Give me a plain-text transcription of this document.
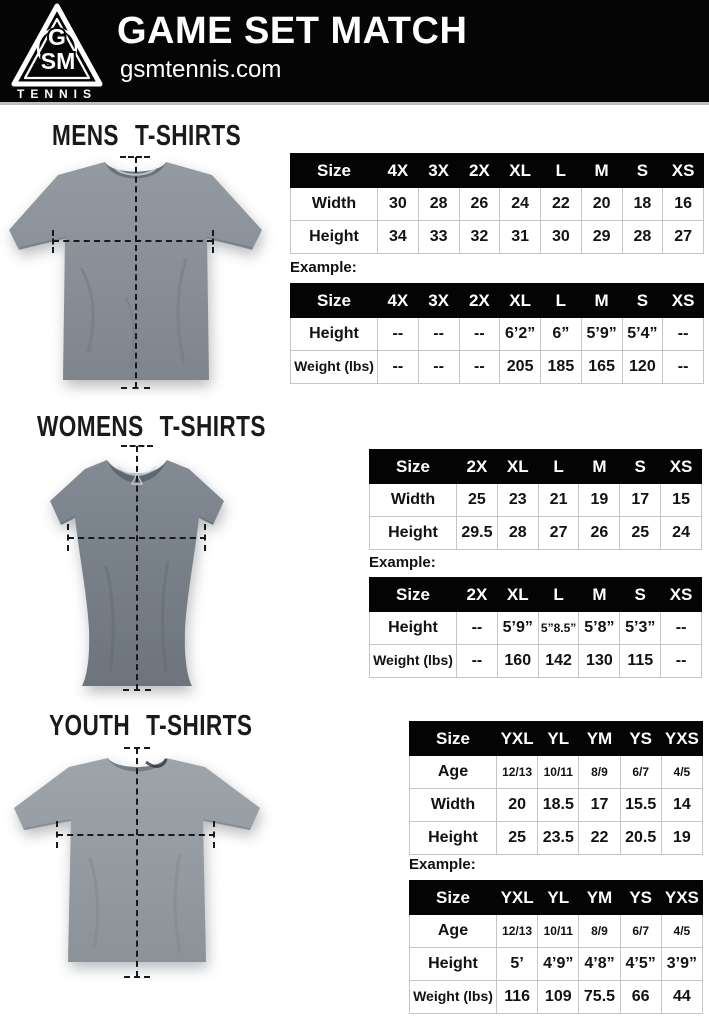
G
SM
TENNIS
GAME SET MATCH
gsmtennis.com
MENS T-SHIRTS
Size	4X	3X	2X	XL	L	M	S	XS
Width	30	28	26	24	22	20	18	16
Height	34	33	32	31	30	29	28	27
Example:
Size	4X	3X	2X	XL	L	M	S	XS
Height	--	--	--	6’2”	6”	5’9”	5’4”	--
Weight (lbs)	--	--	--	205	185	165	120	--
WOMENS T-SHIRTS
Size	2X	XL	L	M	S	XS
Width	25	23	21	19	17	15
Height	29.5	28	27	26	25	24
Example:
Size	2X	XL	L	M	S	XS
Height	--	5’9”	5”8.5”	5’8”	5’3”	--
Weight (lbs)	--	160	142	130	115	--
YOUTH T-SHIRTS	Size	YXL	YL	YM	YS	YXS
Age	12/13	10/11	8/9	6/7	4/5
Width	20	18.5	17	15.5	14
Height	25	23.5	22	20.5	19
Example:
Size	YXL	YL	YM	YS	YXS
Age	12/13	10/11	8/9	6/7	4/5
Height	5’	4’9”	4’8”	4’5”	3’9”
Weight (lbs)	116	109	75.5	66	44
